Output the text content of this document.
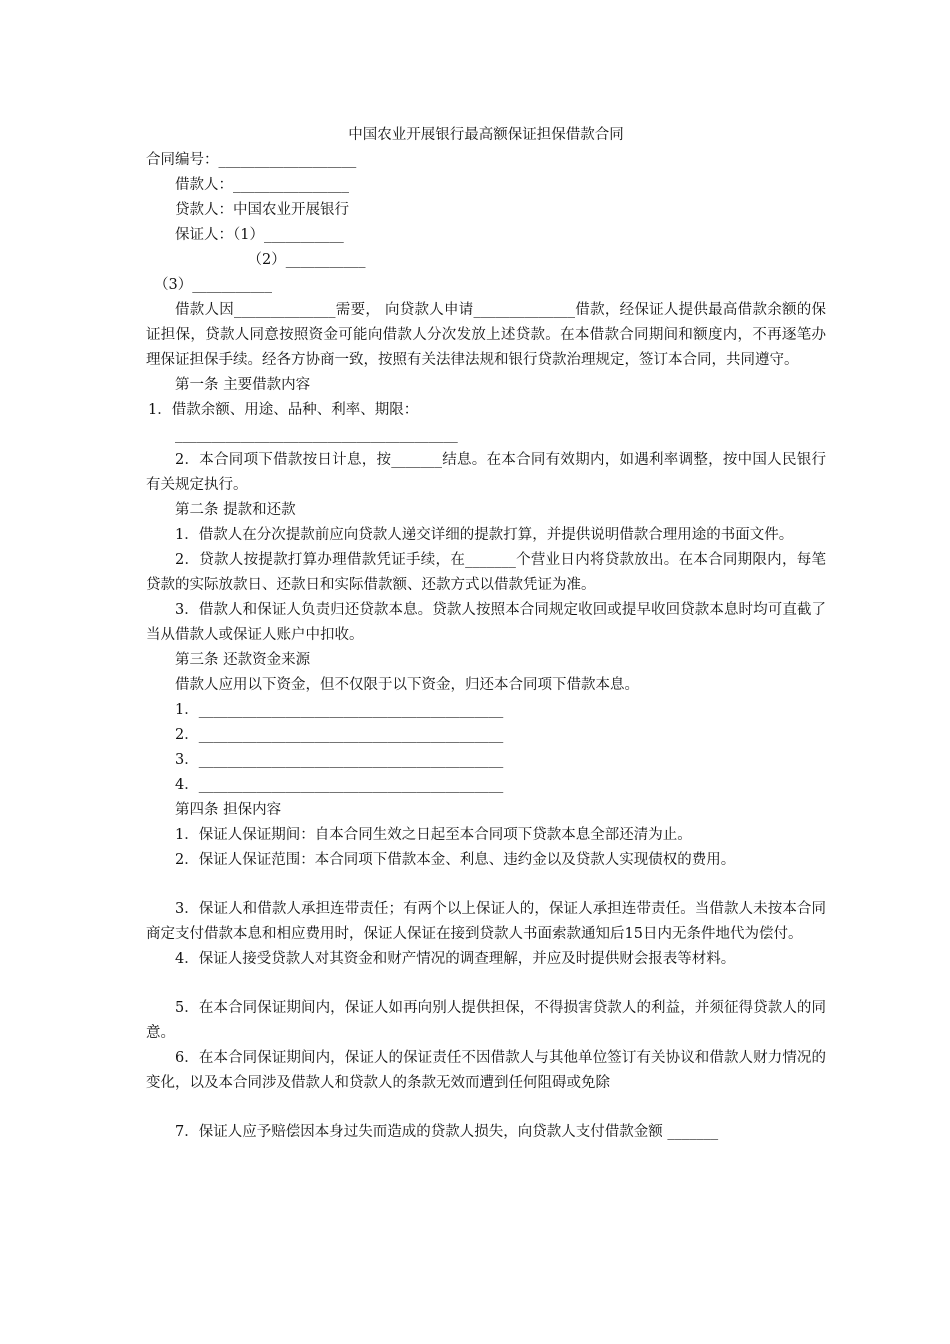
中国农业开展银行最高额保证担保借款合同
合同编号：___________________
借款人：________________
贷款人：中国农业开展银行
保证人：（1）___________
（2）___________
（3）___________
借款人因______________需要， 向贷款人申请______________借款，经保证人提供最高借款余额的保证担保，贷款人同意按照资金可能向借款人分次发放上述贷款。在本借款合同期间和额度内，不再逐笔办理保证担保手续。经各方协商一致，按照有关法律法规和银行贷款治理规定，签订本合同，共同遵守。
第一条 主要借款内容
1．借款余额、用途、品种、利率、期限：
_______________________________________
2．本合同项下借款按日计息，按_______结息。在本合同有效期内，如遇利率调整，按中国人民银行有关规定执行。
第二条 提款和还款
1．借款人在分次提款前应向贷款人递交详细的提款打算，并提供说明借款合理用途的书面文件。
2．贷款人按提款打算办理借款凭证手续，在_______个营业日内将贷款放出。在本合同期限内，每笔贷款的实际放款日、还款日和实际借款额、还款方式以借款凭证为准。
3．借款人和保证人负责归还贷款本息。贷款人按照本合同规定收回或提早收回贷款本息时均可直截了当从借款人或保证人账户中扣收。
第三条 还款资金来源
借款人应用以下资金，但不仅限于以下资金，归还本合同项下借款本息。
1．__________________________________________
2．__________________________________________
3．__________________________________________
4．__________________________________________
第四条 担保内容
1．保证人保证期间：自本合同生效之日起至本合同项下贷款本息全部还清为止。
2．保证人保证范围：本合同项下借款本金、利息、违约金以及贷款人实现债权的费用。
3．保证人和借款人承担连带责任；有两个以上保证人的，保证人承担连带责任。当借款人未按本合同商定支付借款本息和相应费用时，保证人保证在接到贷款人书面索款通知后15日内无条件地代为偿付。
4．保证人接受贷款人对其资金和财产情况的调查理解，并应及时提供财会报表等材料。
5．在本合同保证期间内，保证人如再向别人提供担保，不得损害贷款人的利益，并须征得贷款人的同意。
6．在本合同保证期间内，保证人的保证责任不因借款人与其他单位签订有关协议和借款人财力情况的变化，以及本合同涉及借款人和贷款人的条款无效而遭到任何阻碍或免除
7．保证人应予赔偿因本身过失而造成的贷款人损失，向贷款人支付借款金额 _______
